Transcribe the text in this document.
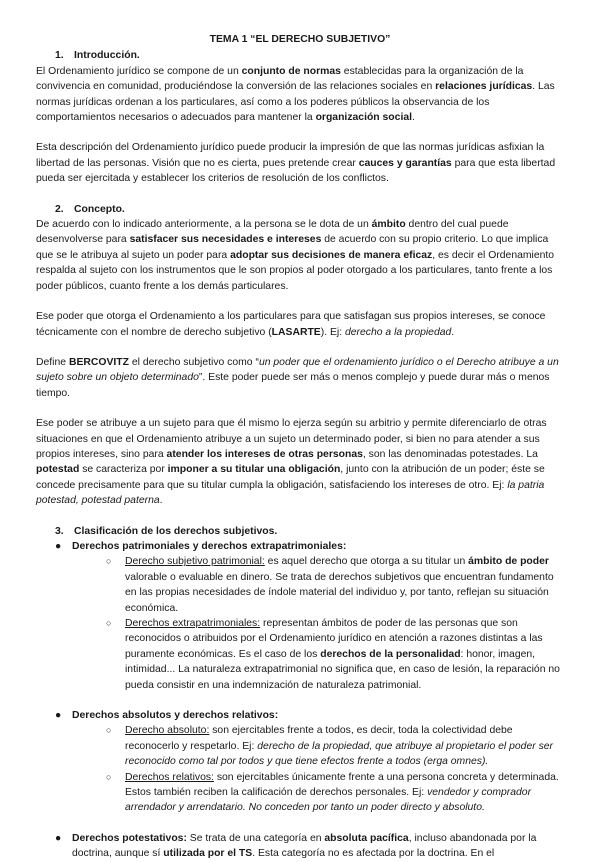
TEMA 1 “EL DERECHO SUBJETIVO”

1. Introducción.

El Ordenamiento jurídico se compone de un conjunto de normas establecidas para la organización de la convivencia en comunidad, produciéndose la conversión de las relaciones sociales en relaciones jurídicas. Las normas jurídicas ordenan a los particulares, así como a los poderes públicos la observancia de los comportamientos necesarios o adecuados para mantener la organización social.

Esta descripción del Ordenamiento jurídico puede producir la impresión de que las normas jurídicas asfixian la libertad de las personas. Visión que no es cierta, pues pretende crear cauces y garantías para que esta libertad pueda ser ejercitada y establecer los criterios de resolución de los conflictos.

2. Concepto.

De acuerdo con lo indicado anteriormente, a la persona se le dota de un ámbito dentro del cual puede desenvolverse para satisfacer sus necesidades e intereses de acuerdo con su propio criterio. Lo que implica que se le atribuya al sujeto un poder para adoptar sus decisiones de manera eficaz, es decir el Ordenamiento respalda al sujeto con los instrumentos que le son propios al poder otorgado a los particulares, tanto frente a los poder públicos, cuanto frente a los demás particulares.

Ese poder que otorga el Ordenamiento a los particulares para que satisfagan sus propios intereses, se conoce técnicamente con el nombre de derecho subjetivo (LASARTE). Ej: derecho a la propiedad.

Define BERCOVITZ el derecho subjetivo como “un poder que el ordenamiento jurídico o el Derecho atribuye a un sujeto sobre un objeto determinado”. Este poder puede ser más o menos complejo y puede durar más o menos tiempo.

Ese poder se atribuye a un sujeto para que él mismo lo ejerza según su arbitrio y permite diferenciarlo de otras situaciones en que el Ordenamiento atribuye a un sujeto un determinado poder, si bien no para atender a sus propios intereses, sino para atender los intereses de otras personas, son las denominadas potestades. La potestad se caracteriza por imponer a su titular una obligación, junto con la atribución de un poder; éste se concede precisamente para que su titular cumpla la obligación, satisfaciendo los intereses de otro. Ej: la patria potestad, potestad paterna.

3. Clasificación de los derechos subjetivos.

● Derechos patrimoniales y derechos extrapatrimoniales:
○ Derecho subjetivo patrimonial: es aquel derecho que otorga a su titular un ámbito de poder valorable o evaluable en dinero. Se trata de derechos subjetivos que encuentran fundamento en las propias necesidades de índole material del individuo y, por tanto, reflejan su situación económica.
○ Derechos extrapatrimoniales: representan ámbitos de poder de las personas que son reconocidos o atribuidos por el Ordenamiento jurídico en atención a razones distintas a las puramente económicas. Es el caso de los derechos de la personalidad: honor, imagen, intimidad... La naturaleza extrapatrimonial no significa que, en caso de lesión, la reparación no pueda consistir en una indemnización de naturaleza patrimonial.
● Derechos absolutos y derechos relativos:
○ Derecho absoluto: son ejercitables frente a todos, es decir, toda la colectividad debe reconocerlo y respetarlo. Ej: derecho de la propiedad, que atribuye al propietario el poder ser reconocido como tal por todos y que tiene efectos frente a todos (erga omnes).
○ Derechos relativos: son ejercitables únicamente frente a una persona concreta y determinada. Estos también reciben la calificación de derechos personales. Ej: vendedor y comprador arrendador y arrendatario. No conceden por tanto un poder directo y absoluto.
● Derechos potestativos: Se trata de una categoría en absoluta pacífica, incluso abandonada por la doctrina, aunque sí utilizada por el TS. Esta categoría no es afectada por la doctrina. En el
